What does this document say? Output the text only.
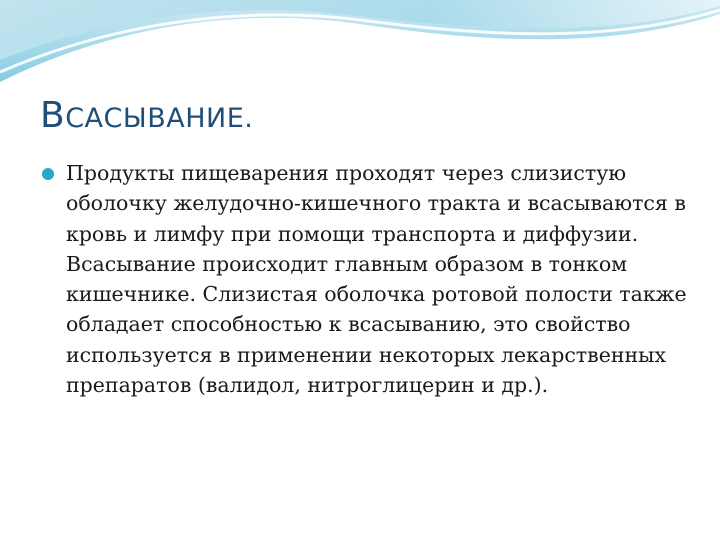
ВСАСЫВАНИЕ.

Продукты пищеварения проходят через слизистую оболочку желудочно-кишечного тракта и всасываются в кровь и лимфу при помощи транспорта и диффузии. Всасывание происходит главным образом в тонком кишечнике. Слизистая оболочка ротовой полости также обладает способностью к всасыванию, это свойство используется в применении некоторых лекарственных препаратов (валидол, нитроглицерин и др.).
